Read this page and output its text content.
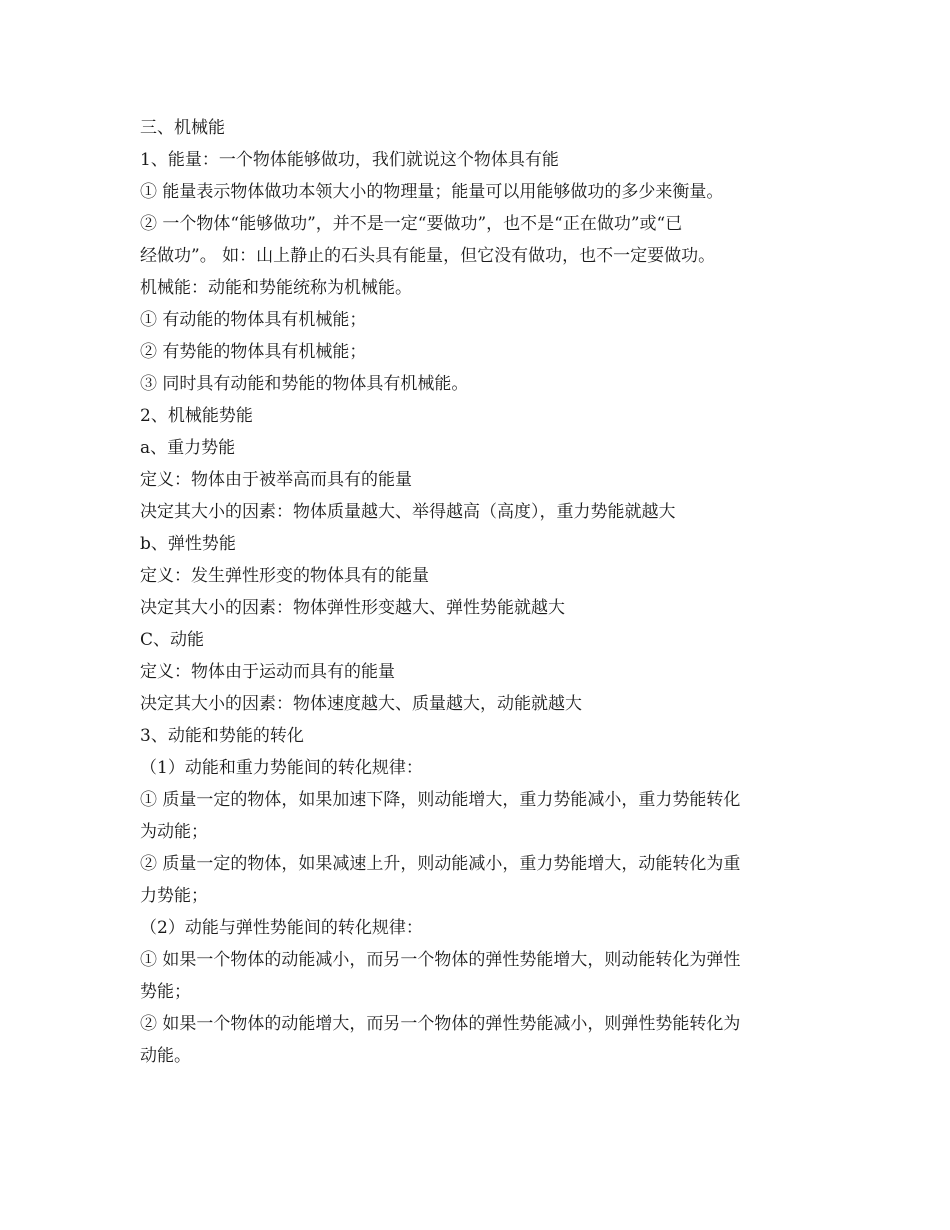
三、机械能
1、能量：一个物体能够做功，我们就说这个物体具有能
① 能量表示物体做功本领大小的物理量；能量可以用能够做功的多少来衡量。
② 一个物体“能够做功”，并不是一定“要做功”，也不是“正在做功”或“已
经做功”。 如：山上静止的石头具有能量，但它没有做功，也不一定要做功。
机械能：动能和势能统称为机械能。
① 有动能的物体具有机械能；
② 有势能的物体具有机械能；
③ 同时具有动能和势能的物体具有机械能。
2、机械能势能
a、重力势能
定义：物体由于被举高而具有的能量
决定其大小的因素：物体质量越大、举得越高（高度），重力势能就越大
b、弹性势能
定义：发生弹性形变的物体具有的能量
决定其大小的因素：物体弹性形变越大、弹性势能就越大
C、动能
定义：物体由于运动而具有的能量
决定其大小的因素：物体速度越大、质量越大，动能就越大
3、动能和势能的转化
（1）动能和重力势能间的转化规律：
① 质量一定的物体，如果加速下降，则动能增大，重力势能减小，重力势能转化
为动能；
② 质量一定的物体，如果减速上升，则动能减小，重力势能增大，动能转化为重
力势能；
（2）动能与弹性势能间的转化规律：
① 如果一个物体的动能减小，而另一个物体的弹性势能增大，则动能转化为弹性
势能；
② 如果一个物体的动能增大，而另一个物体的弹性势能减小，则弹性势能转化为
动能。
